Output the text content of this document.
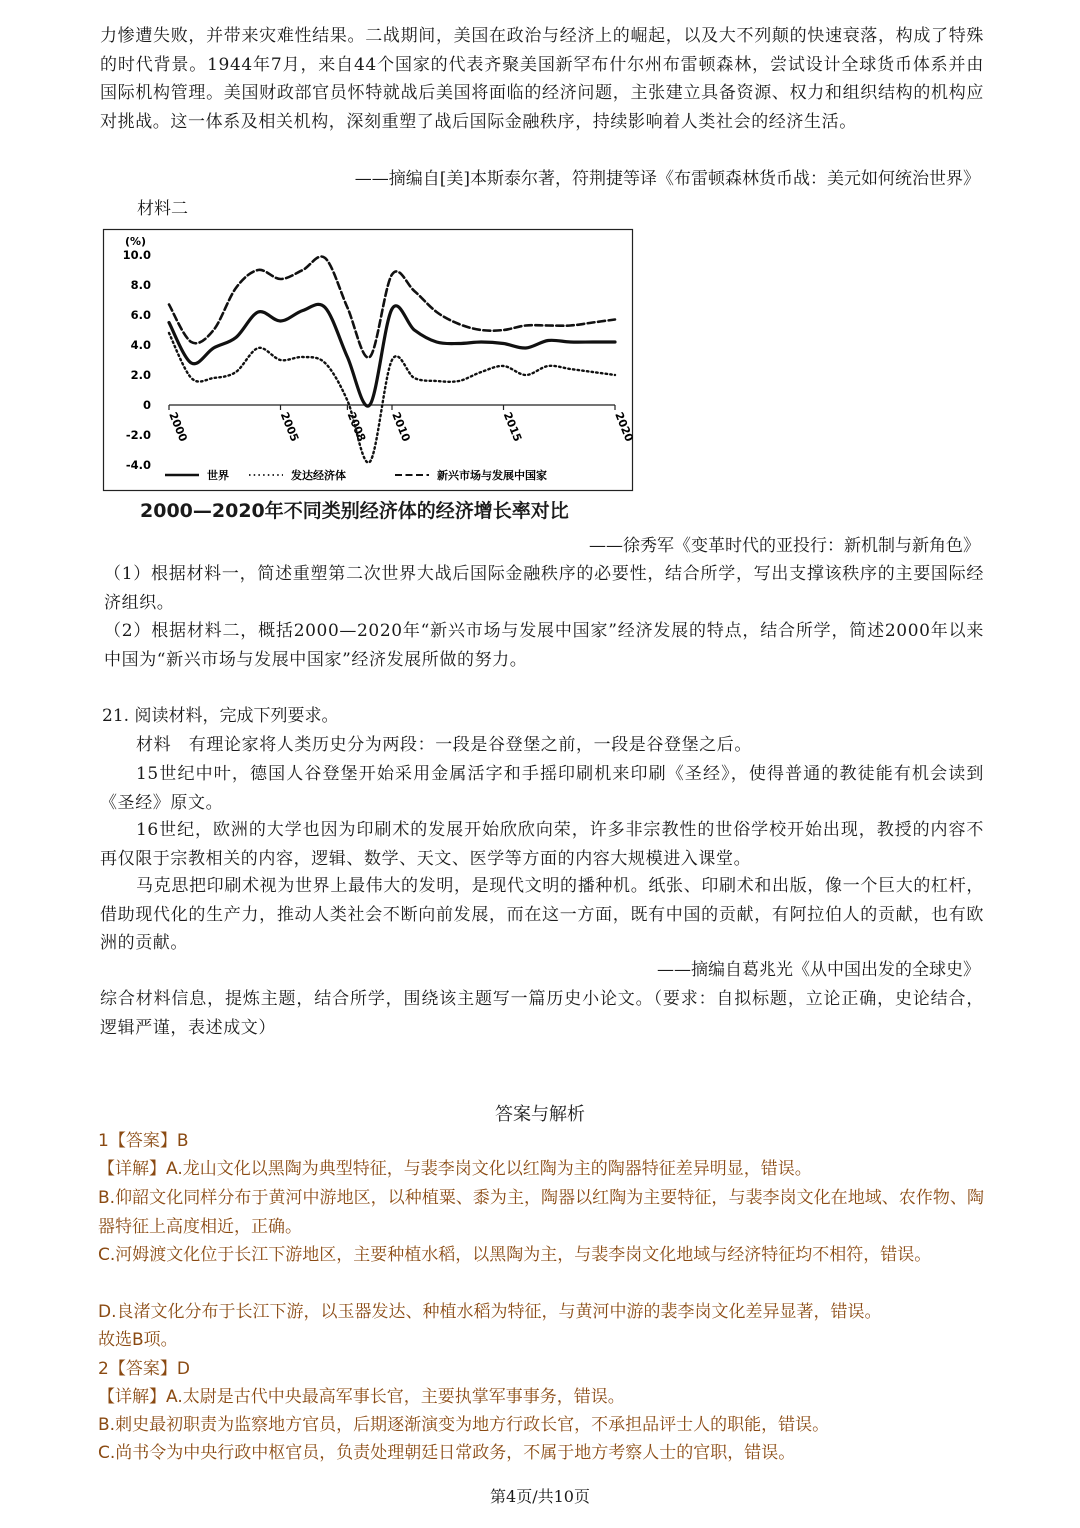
力惨遭失败，并带来灾难性结果。二战期间，美国在政治与经济上的崛起，以及大不列颠的快速衰落，构成了特殊的时代背景。1944年7月，来自44个国家的代表齐聚美国新罕布什尔州布雷顿森林，尝试设计全球货币体系并由国际机构管理。美国财政部官员怀特就战后美国将面临的经济问题，主张建立具备资源、权力和组织结构的机构应对挑战。这一体系及相关机构，深刻重塑了战后国际金融秩序，持续影响着人类社会的经济生活。
——摘编自[美]本斯泰尔著，符荆捷等译《布雷顿森林货币战：美元如何统治世界》
材料二
(%)
10.0
8.0
6.0
4.0
2.0
0
-2.0
-4.0
2000	2005	2008 2010	2015	2020
世界	发达经济体	新兴市场与发展中国家
2000—2020年不同类别经济体的经济增长率对比
——徐秀军《变革时代的亚投行：新机制与新角色》
（1）根据材料一，简述重塑第二次世界大战后国际金融秩序的必要性，结合所学，写出支撑该秩序的主要国际经济组织。
（2）根据材料二，概括2000—2020年“新兴市场与发展中国家”经济发展的特点，结合所学，简述2000年以来中国为“新兴市场与发展中国家”经济发展所做的努力。
21. 阅读材料，完成下列要求。
材料　有理论家将人类历史分为两段：一段是谷登堡之前，一段是谷登堡之后。
15世纪中叶，德国人谷登堡开始采用金属活字和手摇印刷机来印刷《圣经》，使得普通的教徒能有机会读到《圣经》原文。
16世纪，欧洲的大学也因为印刷术的发展开始欣欣向荣，许多非宗教性的世俗学校开始出现，教授的内容不再仅限于宗教相关的内容，逻辑、数学、天文、医学等方面的内容大规模进入课堂。
马克思把印刷术视为世界上最伟大的发明，是现代文明的播种机。纸张、印刷术和出版，像一个巨大的杠杆，借助现代化的生产力，推动人类社会不断向前发展，而在这一方面，既有中国的贡献，有阿拉伯人的贡献，也有欧洲的贡献。
——摘编自葛兆光《从中国出发的全球史》
综合材料信息，提炼主题，结合所学，围绕该主题写一篇历史小论文。（要求：自拟标题，立论正确，史论结合，逻辑严谨，表述成文）
答案与解析
1【答案】B
【详解】A.龙山文化以黑陶为典型特征，与裴李岗文化以红陶为主的陶器特征差异明显，错误。
B.仰韶文化同样分布于黄河中游地区，以种植粟、黍为主，陶器以红陶为主要特征，与裴李岗文化在地域、农作物、陶器特征上高度相近，正确。
C.河姆渡文化位于长江下游地区，主要种植水稻，以黑陶为主，与裴李岗文化地域与经济特征均不相符，错误。
D.良渚文化分布于长江下游，以玉器发达、种植水稻为特征，与黄河中游的裴李岗文化差异显著，错误。
故选B项。
2【答案】D
【详解】A.太尉是古代中央最高军事长官，主要执掌军事事务，错误。
B.刺史最初职责为监察地方官员，后期逐渐演变为地方行政长官，不承担品评士人的职能，错误。
C.尚书令为中央行政中枢官员，负责处理朝廷日常政务，不属于地方考察人士的官职，错误。
第4页/共10页
